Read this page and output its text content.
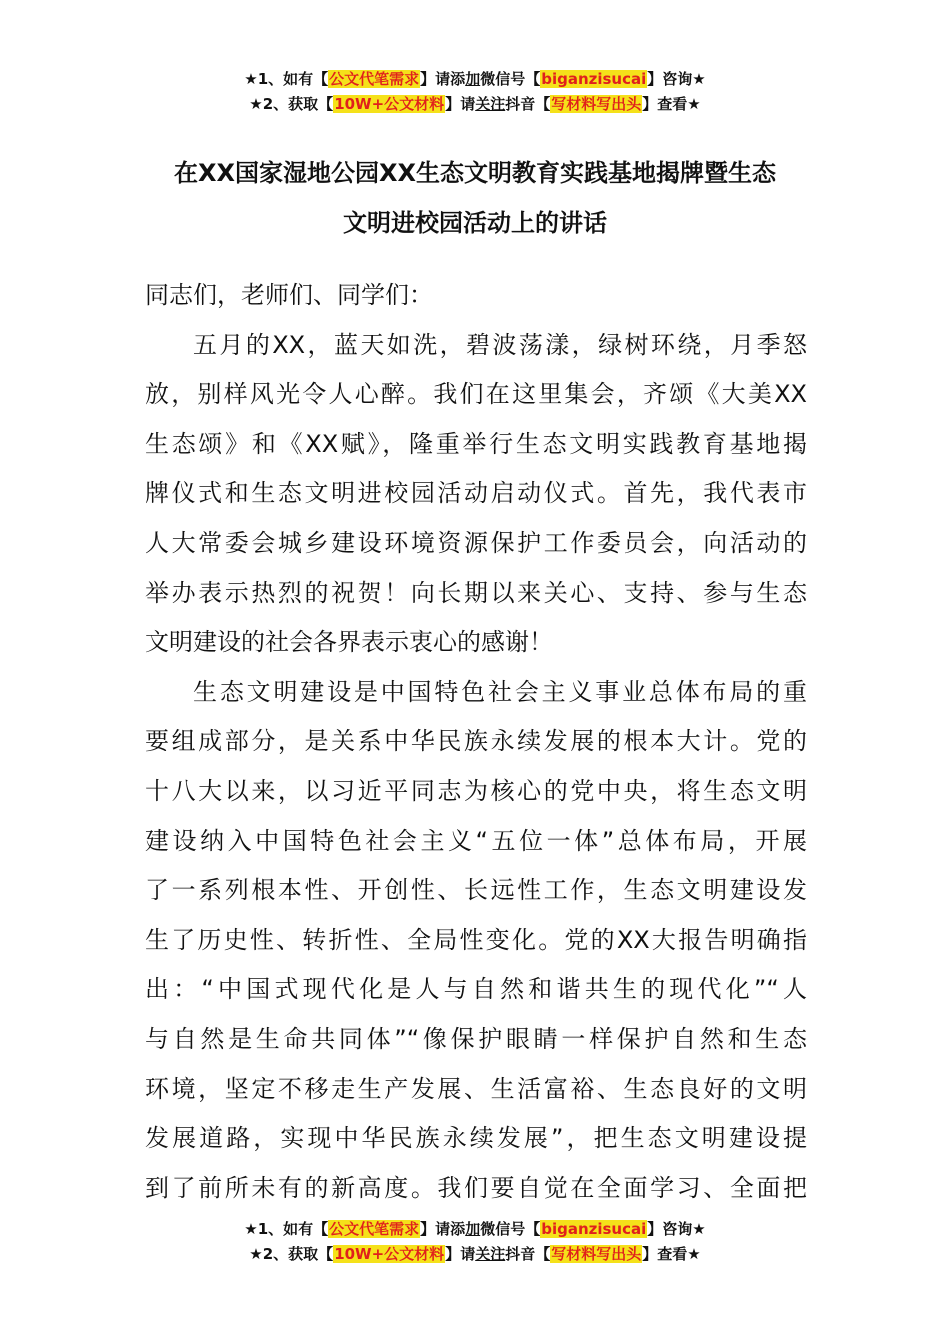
★1、如有【公文代笔需求】请添加微信号【biganzisucai】咨询★
★2、获取【10W+公文材料】请关注抖音【写材料写出头】查看★
在XX国家湿地公园XX生态文明教育实践基地揭牌暨生态
文明进校园活动上的讲话
同志们，老师们、同学们：
五月的XX，蓝天如洗，碧波荡漾，绿树环绕，月季怒
放，别样风光令人心醉。我们在这里集会，齐颂《大美XX
生态颂》和《XX赋》，隆重举行生态文明实践教育基地揭
牌仪式和生态文明进校园活动启动仪式。首先，我代表市
人大常委会城乡建设环境资源保护工作委员会，向活动的
举办表示热烈的祝贺！向长期以来关心、支持、参与生态
文明建设的社会各界表示衷心的感谢！
生态文明建设是中国特色社会主义事业总体布局的重
要组成部分，是关系中华民族永续发展的根本大计。党的
十八大以来，以习近平同志为核心的党中央，将生态文明
建设纳入中国特色社会主义“五位一体”总体布局，开展
了一系列根本性、开创性、长远性工作，生态文明建设发
生了历史性、转折性、全局性变化。党的XX大报告明确指
出：“中国式现代化是人与自然和谐共生的现代化”“人
与自然是生命共同体”“像保护眼睛一样保护自然和生态
环境，坚定不移走生产发展、生活富裕、生态良好的文明
发展道路，实现中华民族永续发展”，把生态文明建设提
到了前所未有的新高度。我们要自觉在全面学习、全面把
★1、如有【公文代笔需求】请添加微信号【biganzisucai】咨询★
★2、获取【10W+公文材料】请关注抖音【写材料写出头】查看★
